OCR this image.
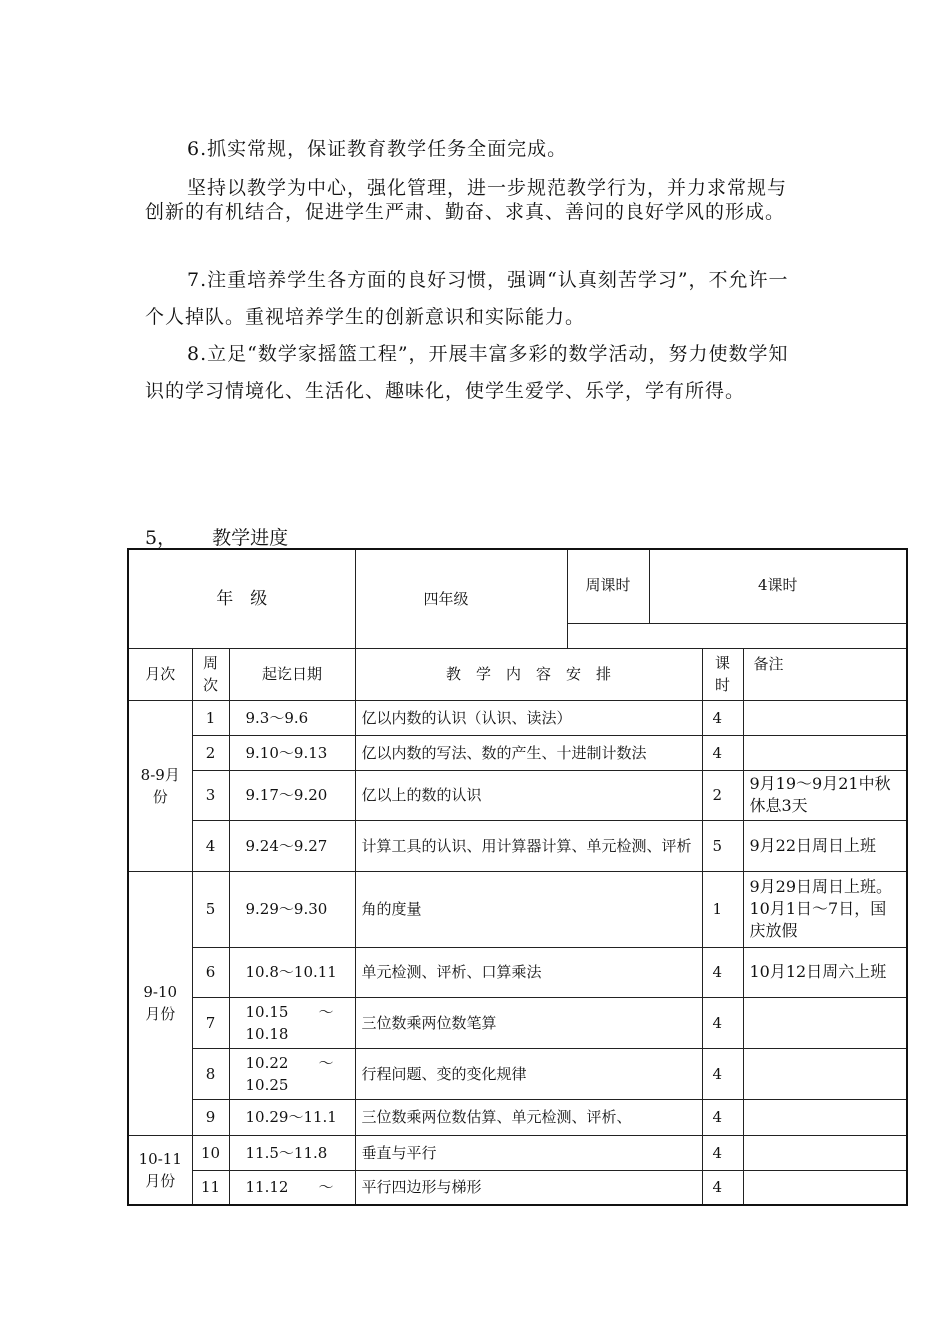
6.抓实常规，保证教育教学任务全面完成。
坚持以教学为中心，强化管理，进一步规范教学行为，并力求常规与创新的有机结合，促进学生严肃、勤奋、求真、善问的良好学风的形成。
7.注重培养学生各方面的良好习惯，强调“认真刻苦学习”，不允许一个人掉队。重视培养学生的创新意识和实际能力。
8.立足“数学家摇篮工程”，开展丰富多彩的数学活动，努力使数学知识的学习情境化、生活化、趣味化，使学生爱学、乐学，学有所得。
5， 教学进度
年　级			四年级	周课时	4课时		

月次	周次	起讫日期	教　学　内　容　安　排			课时	备注
8-9月份	1	9.3～9.6	亿以内数的认识（认识、读法）			4	
	2	9.10～9.13	亿以内数的写法、数的产生、十进制计数法			4	
	3	9.17～9.20	亿以上的数的认识			2	9月19～9月21中秋休息3天
	4	9.24～9.27	计算工具的认识、用计算器计算、单元检测、评析			5	9月22日周日上班
9-10月份	5	9.29～9.30	角的度量			1	9月29日周日上班。10月1日～7日，国庆放假
	6	10.8～10.11	单元检测、评析、口算乘法			4	10月12日周六上班
	7	10.15　　～10.18	三位数乘两位数笔算			4	
	8	10.22　　～10.25	行程问题、变的变化规律			4	
	9	10.29～11.1	三位数乘两位数估算、单元检测、评析、			4	
10-11月份	10	11.5～11.8	垂直与平行			4	
	11	11.12　　～	平行四边形与梯形			4	
